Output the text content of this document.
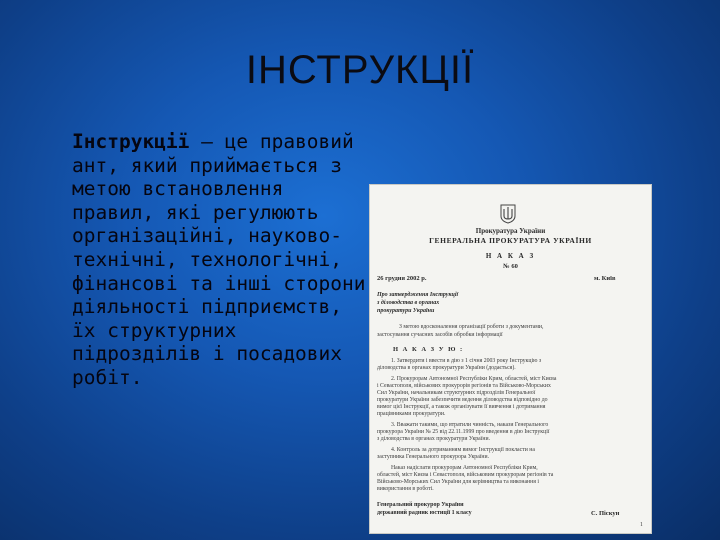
ІНСТРУКЦІЇ
Інструкції – це правовий ант, який приймається з метою встановлення правил, які регулюють організаційні, науково-технічні, технологічні, фінансові та інші сторони діяльності підприємств, їх структурних підрозділів і посадових робіт.
Прокуратура України
ГЕНЕРАЛЬНА ПРОКУРАТУРА УКРАЇНИ
Н А К А З
№ 60
26 грудня 2002 р.	м. Київ
Про затвердження Інструкції
з діловодства в органах
прокуратури України
З метою вдосконалення організації роботи з документами,
застосування сучасних засобів обробки інформації
Н А К А З У Ю :
1. Затвердити і ввести в дію з 1 січня 2003 року Інструкцію з
діловодства в органах прокуратури України (додається).
2. Прокурорам Автономної Республіки Крим, областей, міст Києва
і Севастополя, військових прокурорів регіонів та Військово-Морських
Сил України, начальникам структурних підрозділів Генеральної
прокуратури України забезпечити ведення діловодства відповідно до
вимог цієї Інструкції, а також організувати її вивчення і дотримання
працівниками прокуратури.
3. Вважати такими, що втратили чинність, накази Генерального
прокурора України № 25 від 22.11.1999 про введення в дію Інструкції
з діловодства в органах прокуратури України.
4. Контроль за дотриманням вимог Інструкції покласти на
заступника Генерального прокурора України.
Наказ надіслати прокурорам Автономної Республіки Крим,
областей, міст Києва і Севастополя, військовим прокурорам регіонів та
Військово-Морських Сил України для керівництва та виконання і
використання в роботі.
Генеральний прокурор України
державний радник юстиції 1 класу	С. Піскун
1
